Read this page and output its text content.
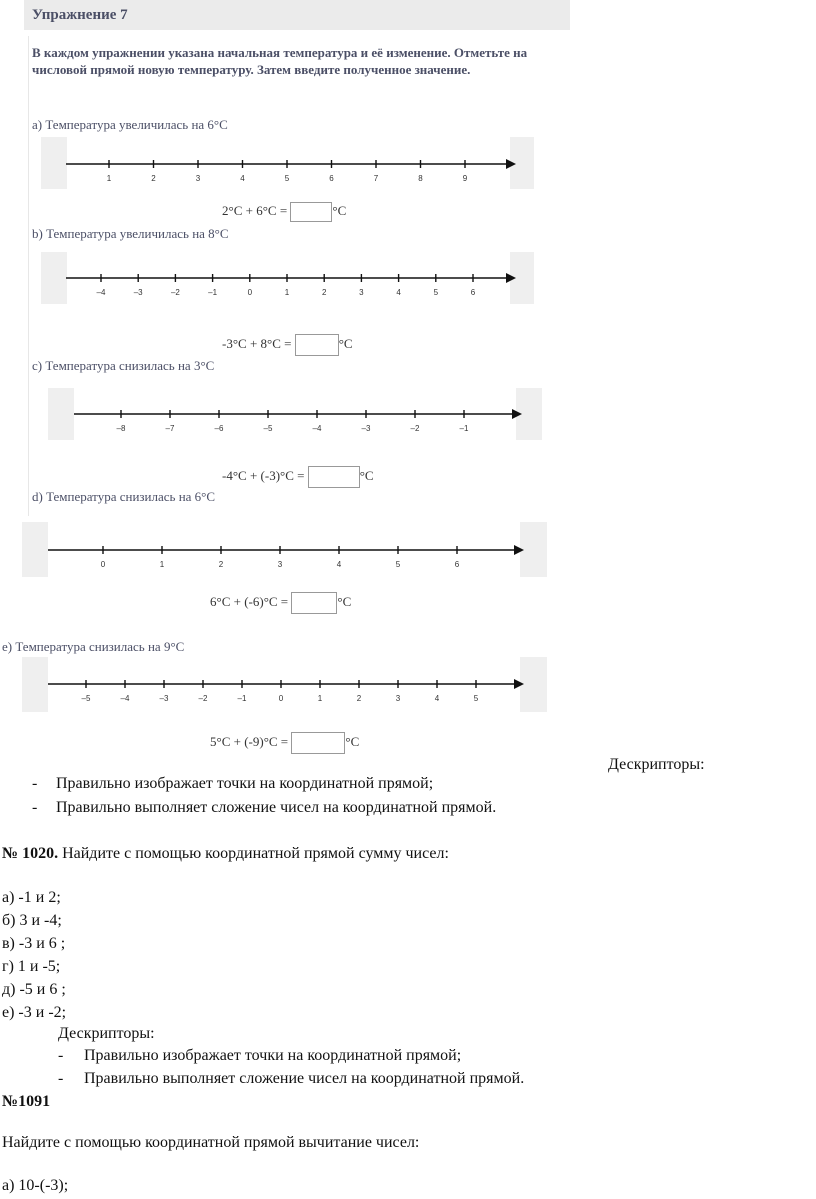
Упражнение 7
В каждом упражнении указана начальная температура и её изменение. Отметьте на числовой прямой новую температуру. Затем введите полученное значение.
a) Температура увеличилась на 6°С
1	2	3	4	5	6	7	8	9
2°С + 6°С =	°С
b) Температура увеличилась на 8°С
–4	–3	–2	–1	0	1	2	3	4	5	6
-3°С + 8°С =	°С
c) Температура снизилась на 3°С
–8	–7	–6	–5	–4	–3	–2	–1
-4°С + (-3)°С =	°С
d) Температура снизилась на 6°С
0	1	2	3	4	5	6
6°С + (-6)°С =	°С
e) Температура снизилась на 9°С
–5	–4	–3	–2	–1	0	1	2	3	4	5
5°С + (-9)°С =	°С
Дескрипторы:
- Правильно изображает точки на координатной прямой;
- Правильно выполняет сложение чисел на координатной прямой.
№ 1020. Найдите с помощью координатной прямой сумму чисел:
а) -1 и 2;
б) 3 и -4;
в) -3 и 6 ;
г) 1 и -5;
д) -5 и 6 ;
е) -3 и -2;
Дескрипторы:
- Правильно изображает точки на координатной прямой;
- Правильно выполняет сложение чисел на координатной прямой.
№1091
Найдите с помощью координатной прямой вычитание чисел:
а) 10-(-3);
